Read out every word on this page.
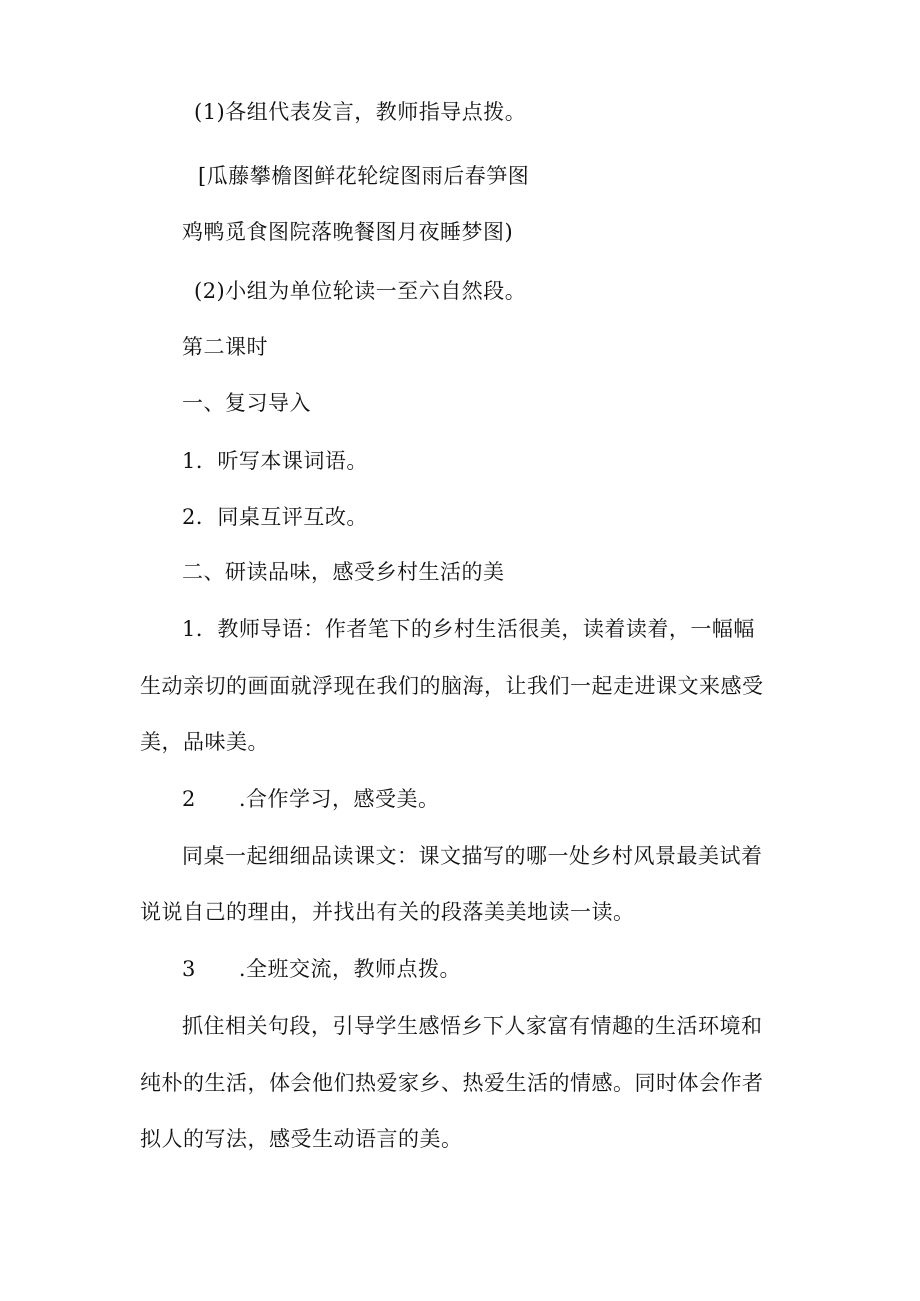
(1)各组代表发言，教师指导点拨。

[瓜藤攀檐图鲜花轮绽图雨后春笋图

鸡鸭觅食图院落晚餐图月夜睡梦图)

(2)小组为单位轮读一至六自然段。

第二课时

一、复习导入

1．听写本课词语。

2．同桌互评互改。

二、研读品味，感受乡村生活的美

1．教师导语：作者笔下的乡村生活很美，读着读着，一幅幅

生动亲切的画面就浮现在我们的脑海，让我们一起走进课文来感受

美，品味美。

2　　.合作学习，感受美。

同桌一起细细品读课文：课文描写的哪一处乡村风景最美试着

说说自己的理由，并找出有关的段落美美地读一读。

3　　.全班交流，教师点拨。

抓住相关句段，引导学生感悟乡下人家富有情趣的生活环境和

纯朴的生活，体会他们热爱家乡、热爱生活的情感。同时体会作者

拟人的写法，感受生动语言的美。
